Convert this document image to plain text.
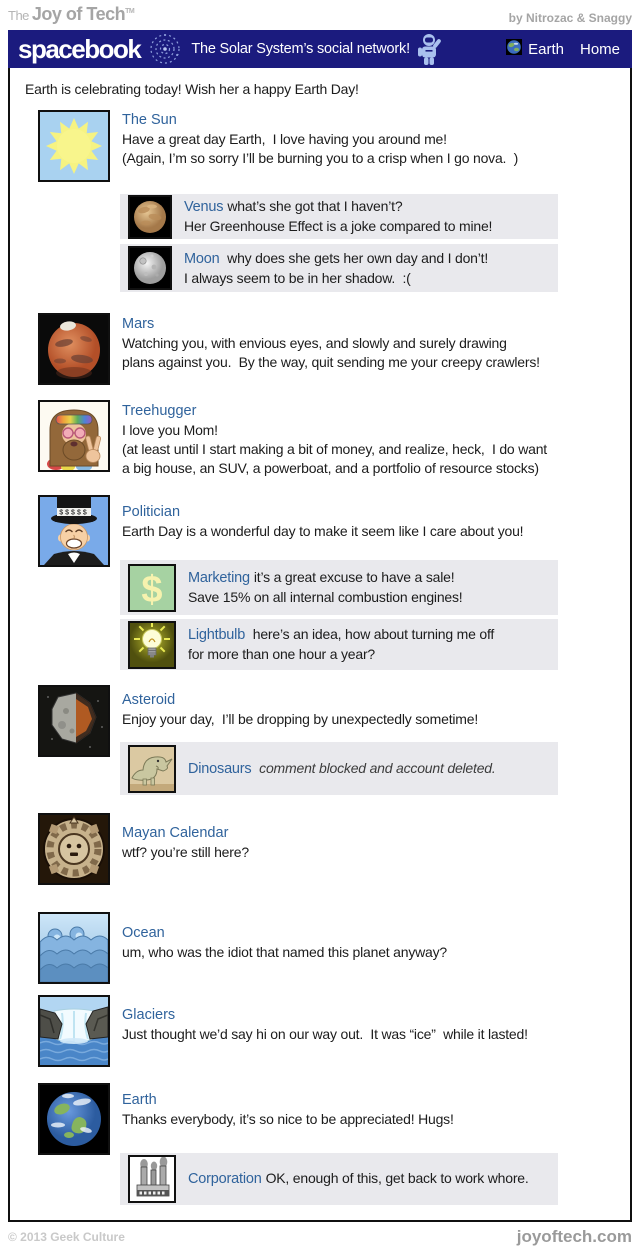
The Joy of Tech™	by Nitrozac & Snaggy
spacebook	The Solar System’s social network!	Earth Home
Earth is celebrating today! Wish her a happy Earth Day!
The Sun
Have a great day Earth,  I love having you around me!
(Again, I’m so sorry I’ll be burning you to a crisp when I go nova.  )
Venus what’s she got that I haven’t?
Her Greenhouse Effect is a joke compared to mine!
Moon why does she gets her own day and I don’t!
I always seem to be in her shadow.  :(
Mars
Watching you, with envious eyes, and slowly and surely drawing
plans against you.  By the way, quit sending me your creepy crawlers!
Treehugger
I love you Mom!
(at least until I start making a bit of money, and realize, heck,  I do want
a big house, an SUV, a powerboat, and a portfolio of resource stocks)
$$$$$ Politician
Earth Day is a wonderful day to make it seem like I care about you!
$ Marketing it’s a great excuse to have a sale!
Save 15% on all internal combustion engines!
Lightbulb here’s an idea, how about turning me off
for more than one hour a year?
Asteroid
Enjoy your day,  I’ll be dropping by unexpectedly sometime!
Dinosaurs comment blocked and account deleted.
Mayan Calendar
wtf? you’re still here?
Ocean
um, who was the idiot that named this planet anyway?
Glaciers
Just thought we’d say hi on our way out.  It was “ice”  while it lasted!
Earth
Thanks everybody, it’s so nice to be appreciated! Hugs!
Corporation OK, enough of this, get back to work whore.
© 2013 Geek Culture	joyoftech.com
